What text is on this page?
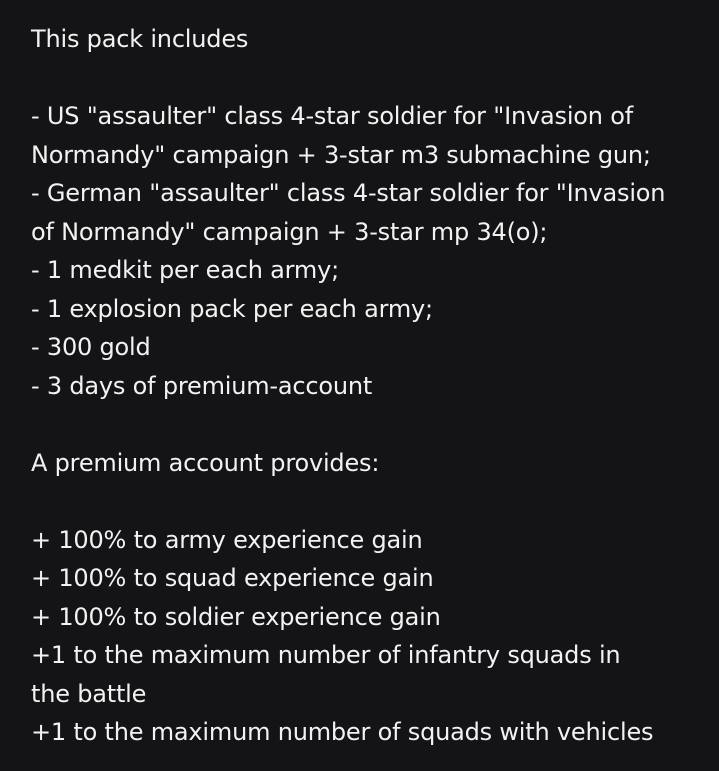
This pack includes
- US "assaulter" class 4-star soldier for "Invasion of
Normandy" campaign + 3-star m3 submachine gun;
- German "assaulter" class 4-star soldier for "Invasion
of Normandy" campaign + 3-star mp 34(o);
- 1 medkit per each army;
- 1 explosion pack per each army;
- 300 gold
- 3 days of premium-account
A premium account provides:
+ 100% to army experience gain
+ 100% to squad experience gain
+ 100% to soldier experience gain
+1 to the maximum number of infantry squads in
the battle
+1 to the maximum number of squads with vehicles
